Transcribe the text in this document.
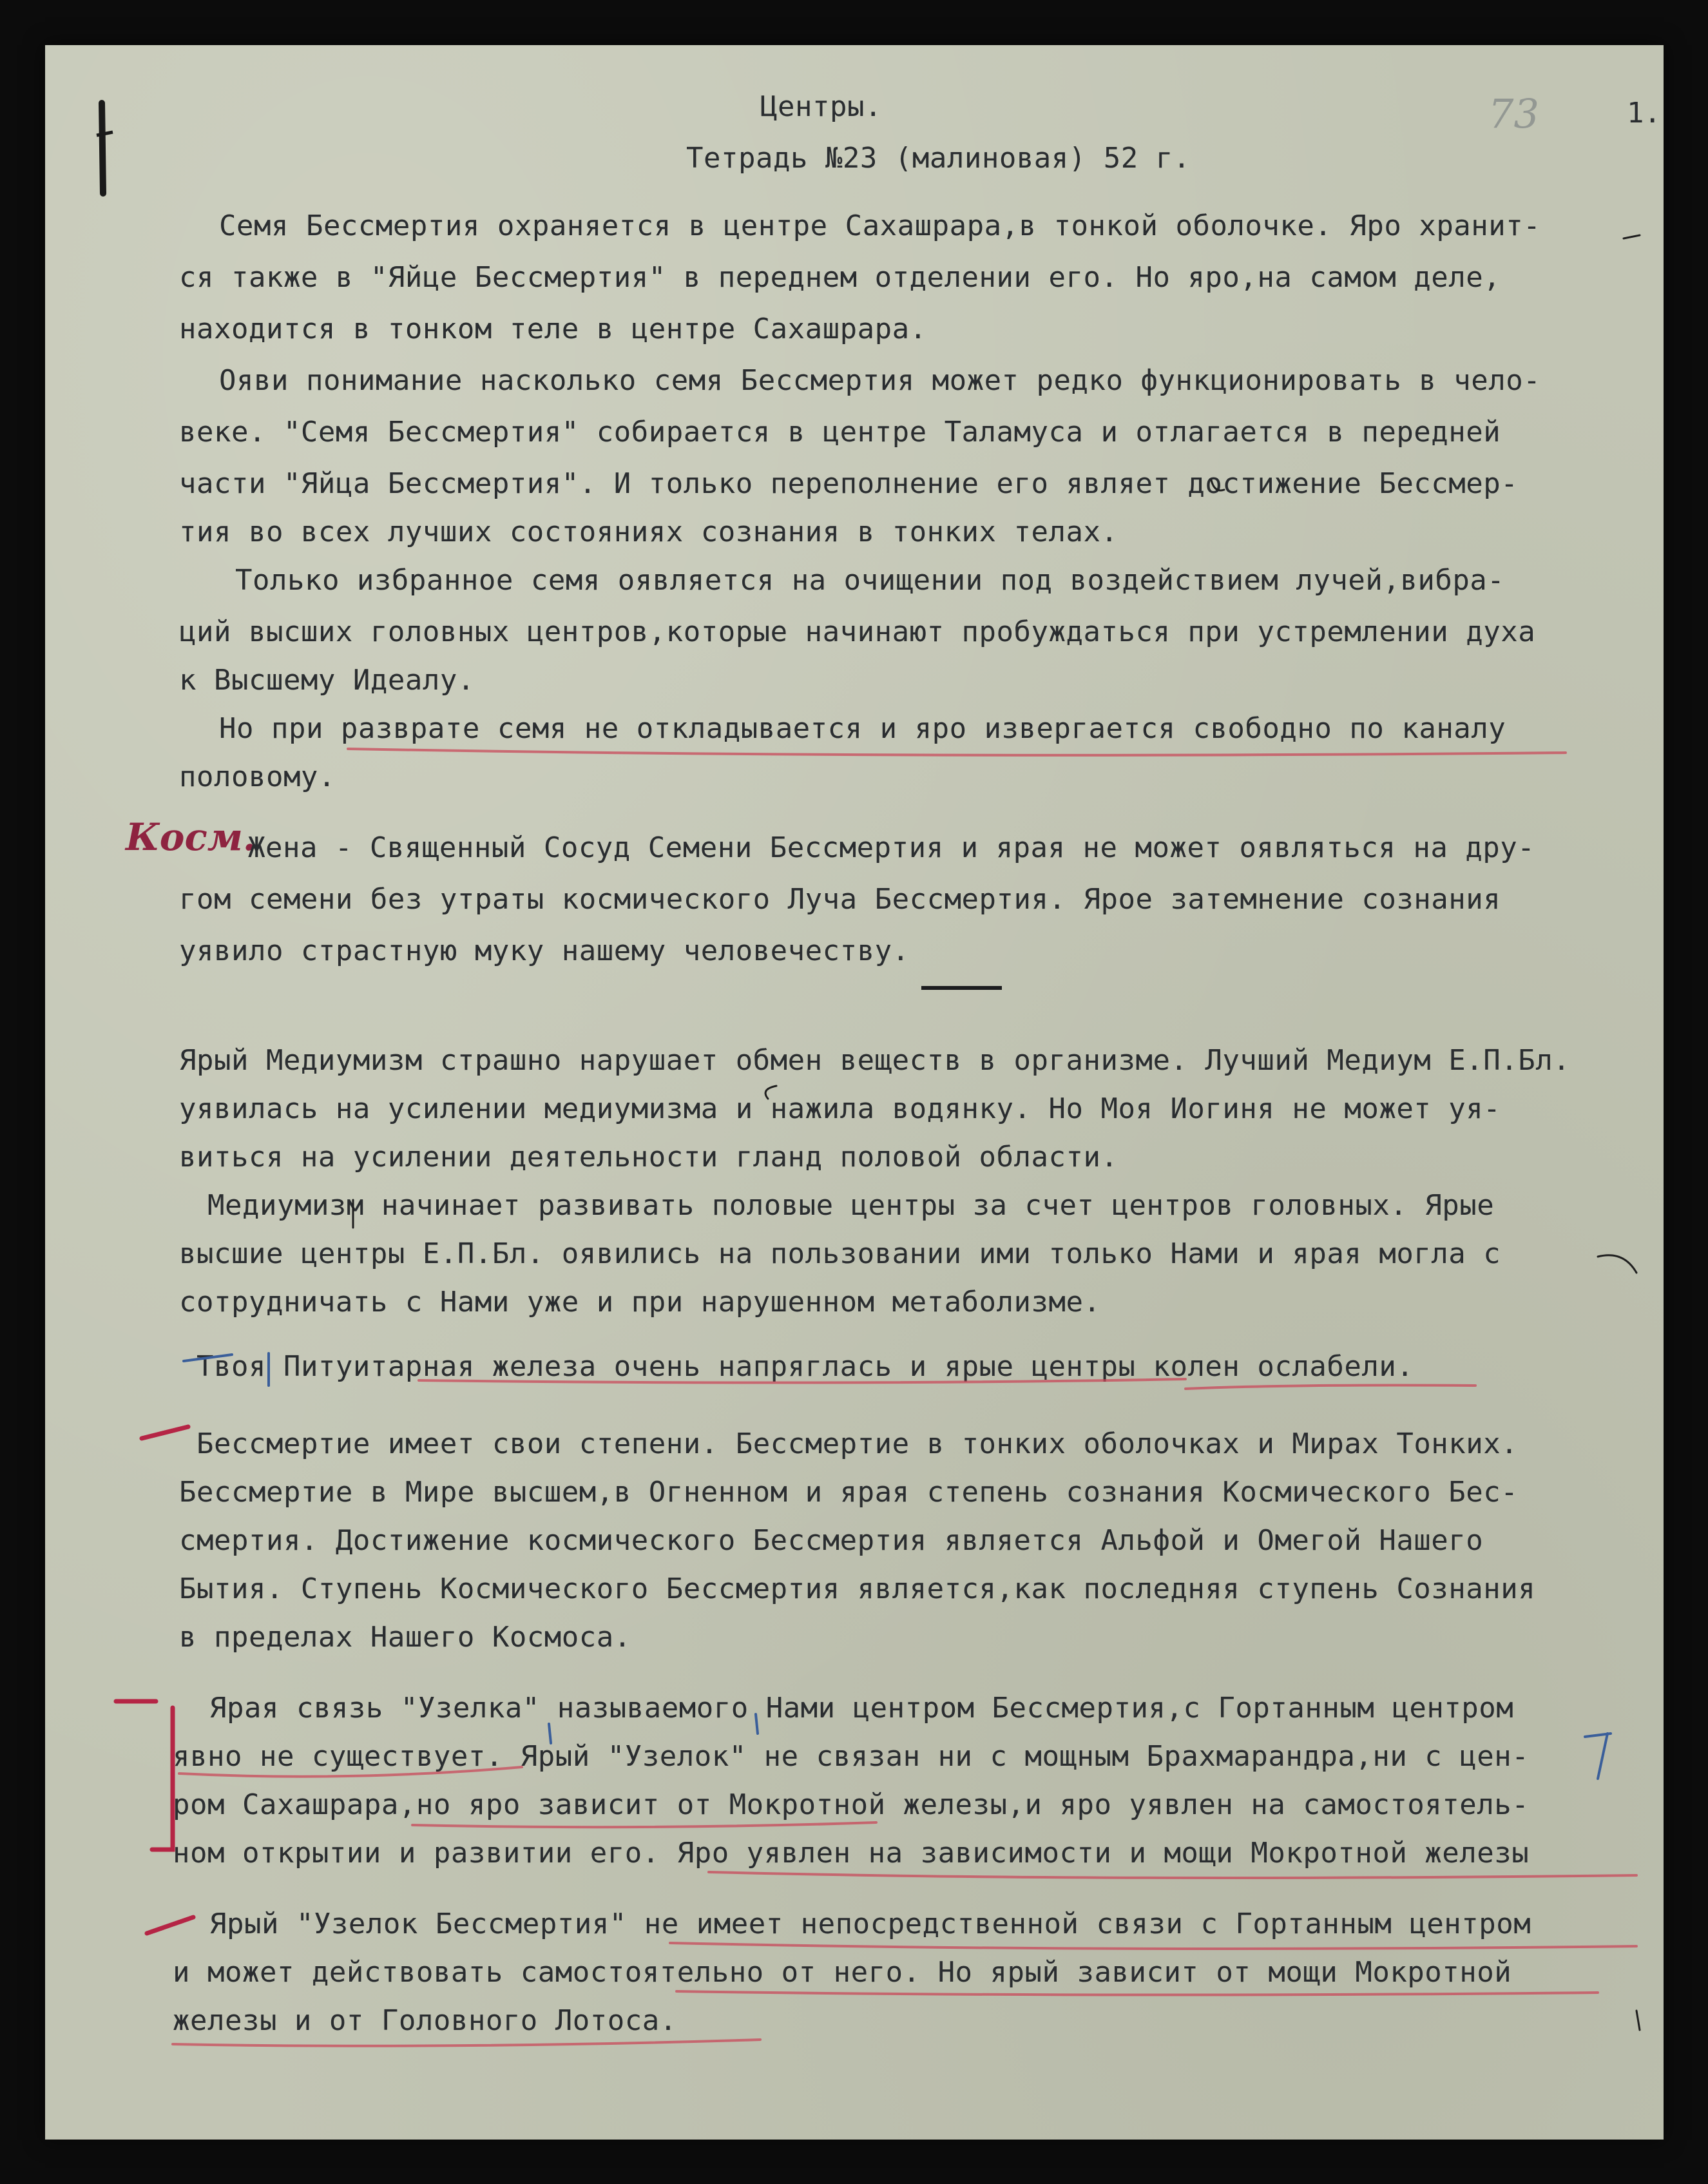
73	1.
Центры.
Тетрадь №23 (малиновая) 52 г.
Семя Бессмертия охраняется в центре Сахашрара,в тонкой оболочке. Яро хранит-
ся также в "Яйце Бессмертия" в переднем отделении его. Но яро,на самом деле,
находится в тонком теле в центре Сахашрара.
Ояви понимание насколько семя Бессмертия может редко функционировать в чело-
веке. "Семя Бессмертия" собирается в центре Таламуса и отлагается в передней
части "Яйца Бессмертия". И только переполнение его являет достижение Бессмер-
тия во всех лучших состояниях сознания в тонких телах.
Только избранное семя оявляется на очищении под воздействием лучей,вибра-
ций высших головных центров,которые начинают пробуждаться при устремлении духа
к Высшему Идеалу.
Но при разврате семя не откладывается и яро извергается свободно по каналу
половому.
Косм.
Жена - Священный Сосуд Семени Бессмертия и ярая не может оявляться на дру-
гом семени без утраты космического Луча Бессмертия. Ярое затемнение сознания
уявило страстную муку нашему человечеству.
Ярый Медиумизм страшно нарушает обмен веществ в организме. Лучший Медиум Е.П.Бл.
уявилась на усилении медиумизма и нажила водянку. Но Моя Иогиня не может уя-
виться на усилении деятельности гланд половой области.
Медиумизм начинает развивать половые центры за счет центров головных. Ярые
высшие центры Е.П.Бл. оявились на пользовании ими только Нами и ярая могла с
сотрудничать с Нами уже и при нарушенном метаболизме.
Твоя Питуитарная железа очень напряглась и ярые центры колен ослабели.
Бессмертие имеет свои степени. Бессмертие в тонких оболочках и Мирах Тонких.
Бессмертие в Мире высшем,в Огненном и ярая степень сознания Космического Бес-
смертия. Достижение космического Бессмертия является Альфой и Омегой Нашего
Бытия. Ступень Космического Бессмертия является,как последняя ступень Сознания
в пределах Нашего Космоса.
Ярая связь "Узелка" называемого Нами центром Бессмертия,с Гортанным центром
явно не существует. Ярый "Узелок" не связан ни с мощным Брахмарандра,ни с цен-
ром Сахашрара,но яро зависит от Мокротной железы,и яро уявлен на самостоятель-
ном открытии и развитии его. Яро уявлен на зависимости и мощи Мокротной железы
Ярый "Узелок Бессмертия" не имеет непосредственной связи с Гортанным центром
и может действовать самостоятельно от него. Но ярый зависит от мощи Мокротной
железы и от Головного Лотоса.
